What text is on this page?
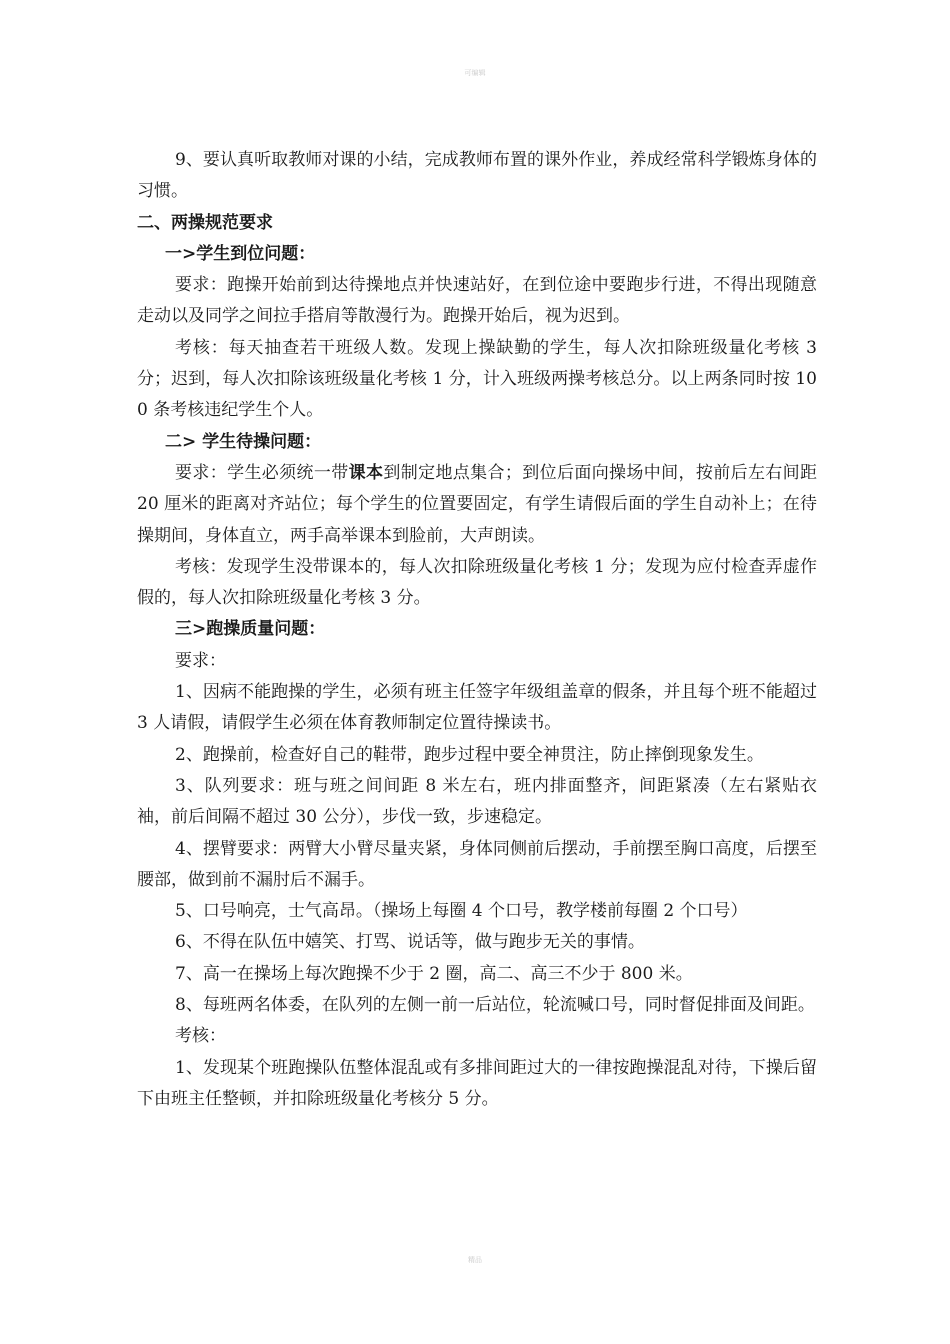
可编辑

9、要认真听取教师对课的小结，完成教师布置的课外作业，养成经常科学锻炼身体的习惯。

二、两操规范要求

一>学生到位问题：

要求：跑操开始前到达待操地点并快速站好，在到位途中要跑步行进，不得出现随意走动以及同学之间拉手搭肩等散漫行为。跑操开始后，视为迟到。

考核：每天抽查若干班级人数。发现上操缺勤的学生，每人次扣除班级量化考核 3 分；迟到，每人次扣除该班级量化考核 1 分，计入班级两操考核总分。以上两条同时按 100 条考核违纪学生个人。

二> 学生待操问题：

要求：学生必须统一带课本到制定地点集合；到位后面向操场中间，按前后左右间距 20 厘米的距离对齐站位；每个学生的位置要固定，有学生请假后面的学生自动补上；在待操期间，身体直立，两手高举课本到脸前，大声朗读。

考核：发现学生没带课本的，每人次扣除班级量化考核 1 分；发现为应付检查弄虚作假的，每人次扣除班级量化考核 3 分。

三>跑操质量问题：

要求：

1、因病不能跑操的学生，必须有班主任签字年级组盖章的假条，并且每个班不能超过 3 人请假，请假学生必须在体育教师制定位置待操读书。

2、跑操前，检查好自己的鞋带，跑步过程中要全神贯注，防止摔倒现象发生。

3、队列要求：班与班之间间距 8 米左右，班内排面整齐，间距紧凑（左右紧贴衣袖，前后间隔不超过 30 公分），步伐一致，步速稳定。

4、摆臂要求：两臂大小臂尽量夹紧，身体同侧前后摆动，手前摆至胸口高度，后摆至腰部，做到前不漏肘后不漏手。

5、口号响亮，士气高昂。（操场上每圈 4 个口号，教学楼前每圈 2 个口号）

6、不得在队伍中嬉笑、打骂、说话等，做与跑步无关的事情。

7、高一在操场上每次跑操不少于 2 圈，高二、高三不少于 800 米。

8、每班两名体委，在队列的左侧一前一后站位，轮流喊口号，同时督促排面及间距。

考核：

1、发现某个班跑操队伍整体混乱或有多排间距过大的一律按跑操混乱对待，下操后留下由班主任整顿，并扣除班级量化考核分 5 分。

精品
